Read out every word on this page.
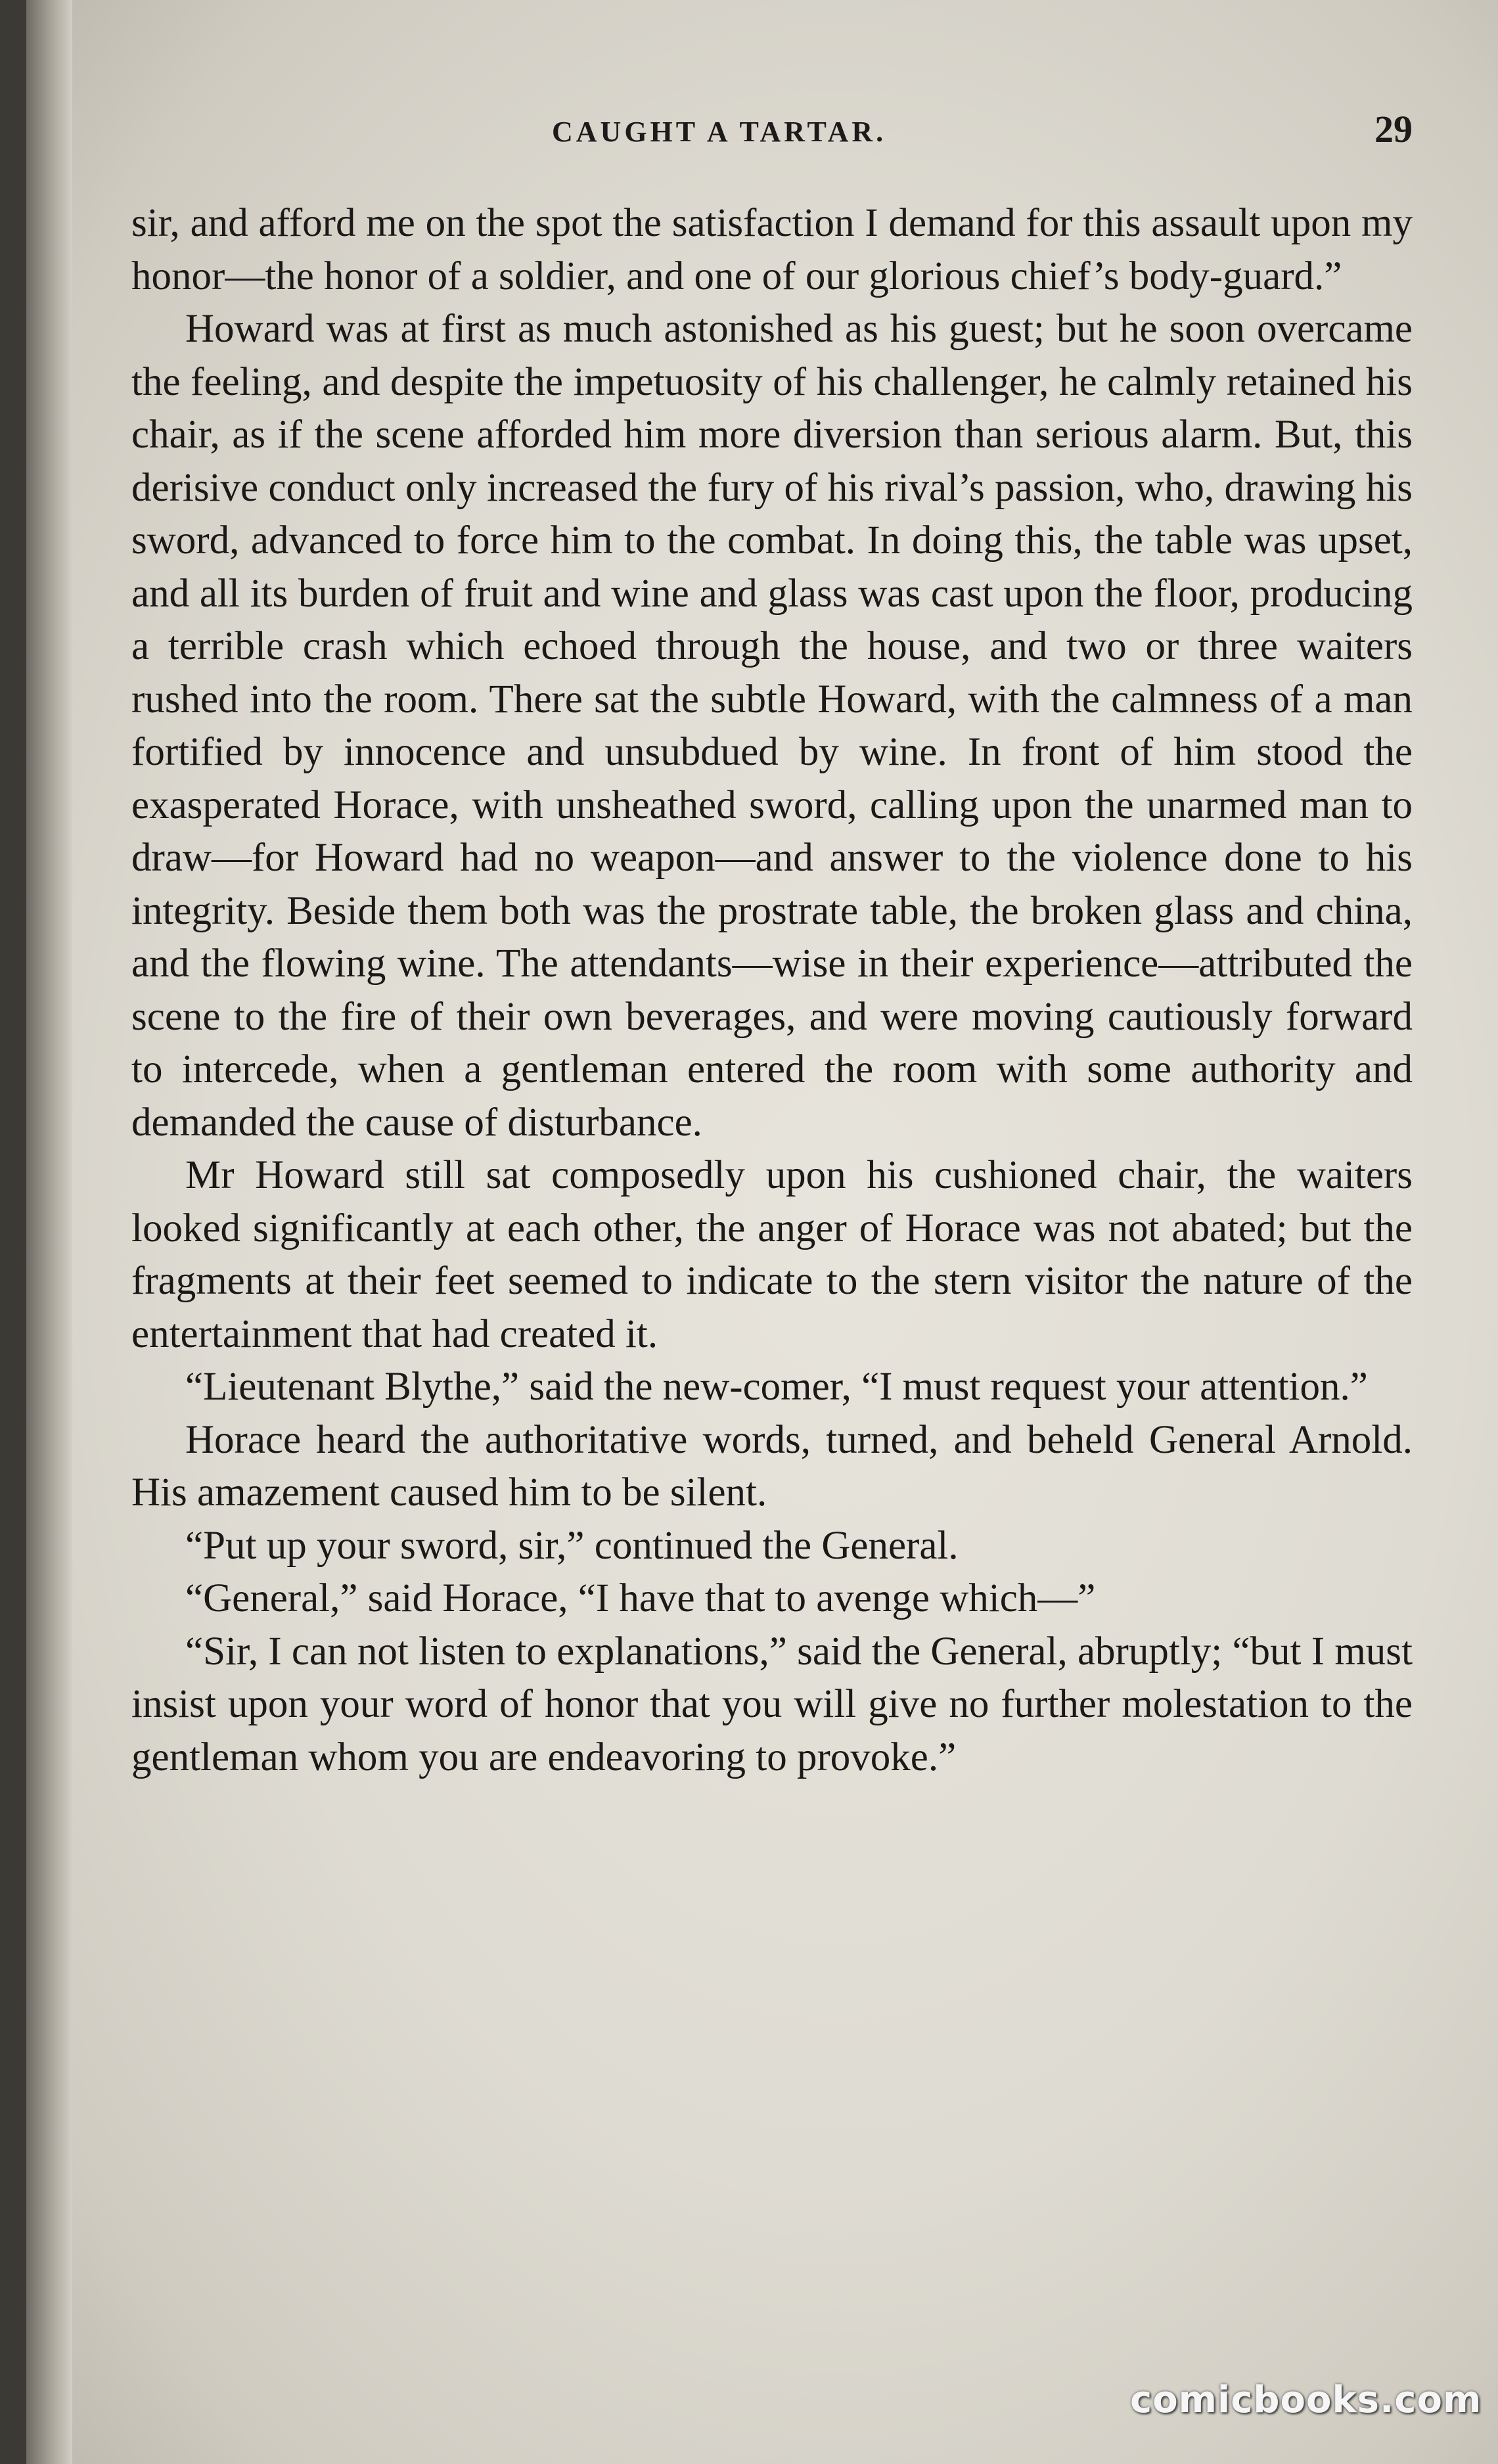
CAUGHT A TARTAR.	29

sir, and afford me on the spot the satisfaction I demand for this assault upon my honor—the honor of a soldier, and one of our glorious chief’s body-guard.”

Howard was at first as much astonished as his guest; but he soon overcame the feeling, and despite the impetuosity of his challenger, he calmly retained his chair, as if the scene afforded him more diversion than serious alarm. But, this derisive conduct only increased the fury of his rival’s passion, who, drawing his sword, advanced to force him to the combat. In doing this, the table was upset, and all its burden of fruit and wine and glass was cast upon the floor, producing a terrible crash which echoed through the house, and two or three waiters rushed into the room. There sat the subtle Howard, with the calmness of a man fortified by innocence and unsubdued by wine. In front of him stood the exasperated Horace, with unsheathed sword, calling upon the unarmed man to draw—for Howard had no weapon—and answer to the violence done to his integrity. Beside them both was the prostrate table, the broken glass and china, and the flowing wine. The attendants—wise in their experience—attributed the scene to the fire of their own beverages, and were moving cautiously forward to intercede, when a gentleman entered the room with some authority and demanded the cause of disturbance.

Mr Howard still sat composedly upon his cushioned chair, the waiters looked significantly at each other, the anger of Horace was not abated; but the fragments at their feet seemed to indicate to the stern visitor the nature of the entertainment that had created it.

“Lieutenant Blythe,” said the new-comer, “I must request your attention.”

Horace heard the authoritative words, turned, and beheld General Arnold. His amazement caused him to be silent.

“Put up your sword, sir,” continued the General.

“General,” said Horace, “I have that to avenge which—”

“Sir, I can not listen to explanations,” said the General, abruptly; “but I must insist upon your word of honor that you will give no further molestation to the gentleman whom you are endeavoring to provoke.”

comicbooks.com
